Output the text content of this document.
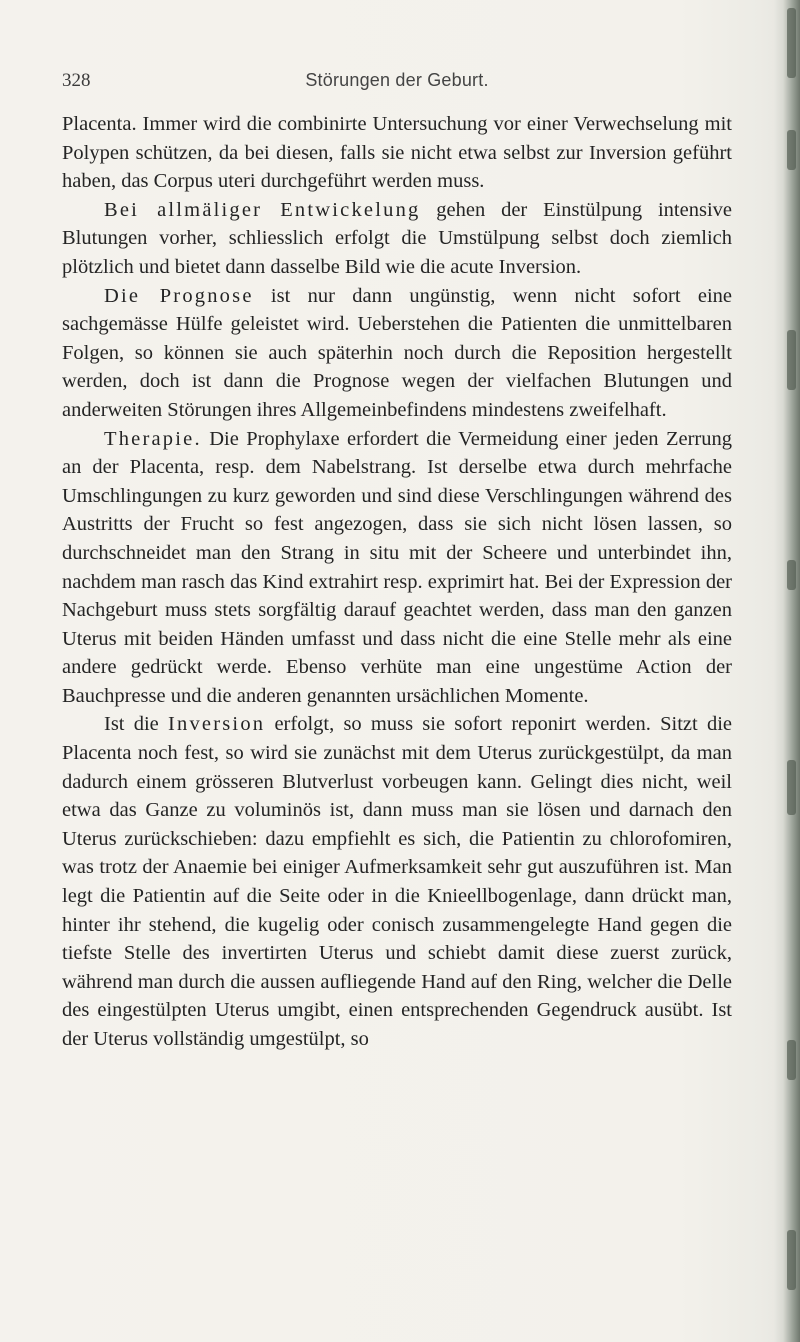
328	Störungen der Geburt.

Placenta. Immer wird die combinirte Untersuchung vor einer Verwechselung mit Polypen schützen, da bei diesen, falls sie nicht etwa selbst zur Inversion geführt haben, das Corpus uteri durchgeführt werden muss.

Bei allmäliger Entwickelung gehen der Einstülpung intensive Blutungen vorher, schliesslich erfolgt die Umstülpung selbst doch ziemlich plötzlich und bietet dann dasselbe Bild wie die acute Inversion.

Die Prognose ist nur dann ungünstig, wenn nicht sofort eine sachgemässe Hülfe geleistet wird. Ueberstehen die Patienten die unmittelbaren Folgen, so können sie auch späterhin noch durch die Reposition hergestellt werden, doch ist dann die Prognose wegen der vielfachen Blutungen und anderweiten Störungen ihres Allgemeinbefindens mindestens zweifelhaft.

Therapie. Die Prophylaxe erfordert die Vermeidung einer jeden Zerrung an der Placenta, resp. dem Nabelstrang. Ist derselbe etwa durch mehrfache Umschlingungen zu kurz geworden und sind diese Verschlingungen während des Austritts der Frucht so fest angezogen, dass sie sich nicht lösen lassen, so durchschneidet man den Strang in situ mit der Scheere und unterbindet ihn, nachdem man rasch das Kind extrahirt resp. exprimirt hat. Bei der Expression der Nachgeburt muss stets sorgfältig darauf geachtet werden, dass man den ganzen Uterus mit beiden Händen umfasst und dass nicht die eine Stelle mehr als eine andere gedrückt werde. Ebenso verhüte man eine ungestüme Action der Bauchpresse und die anderen genannten ursächlichen Momente.

Ist die Inversion erfolgt, so muss sie sofort reponirt werden. Sitzt die Placenta noch fest, so wird sie zunächst mit dem Uterus zurückgestülpt, da man dadurch einem grösseren Blutverlust vorbeugen kann. Gelingt dies nicht, weil etwa das Ganze zu voluminös ist, dann muss man sie lösen und darnach den Uterus zurückschieben: dazu empfiehlt es sich, die Patientin zu chlorofomiren, was trotz der Anaemie bei einiger Aufmerksamkeit sehr gut auszuführen ist. Man legt die Patientin auf die Seite oder in die Knieellbogenlage, dann drückt man, hinter ihr stehend, die kugelig oder conisch zusammengelegte Hand gegen die tiefste Stelle des invertirten Uterus und schiebt damit diese zuerst zurück, während man durch die aussen aufliegende Hand auf den Ring, welcher die Delle des eingestülpten Uterus umgibt, einen entsprechenden Gegendruck ausübt. Ist der Uterus vollständig umgestülpt, so
